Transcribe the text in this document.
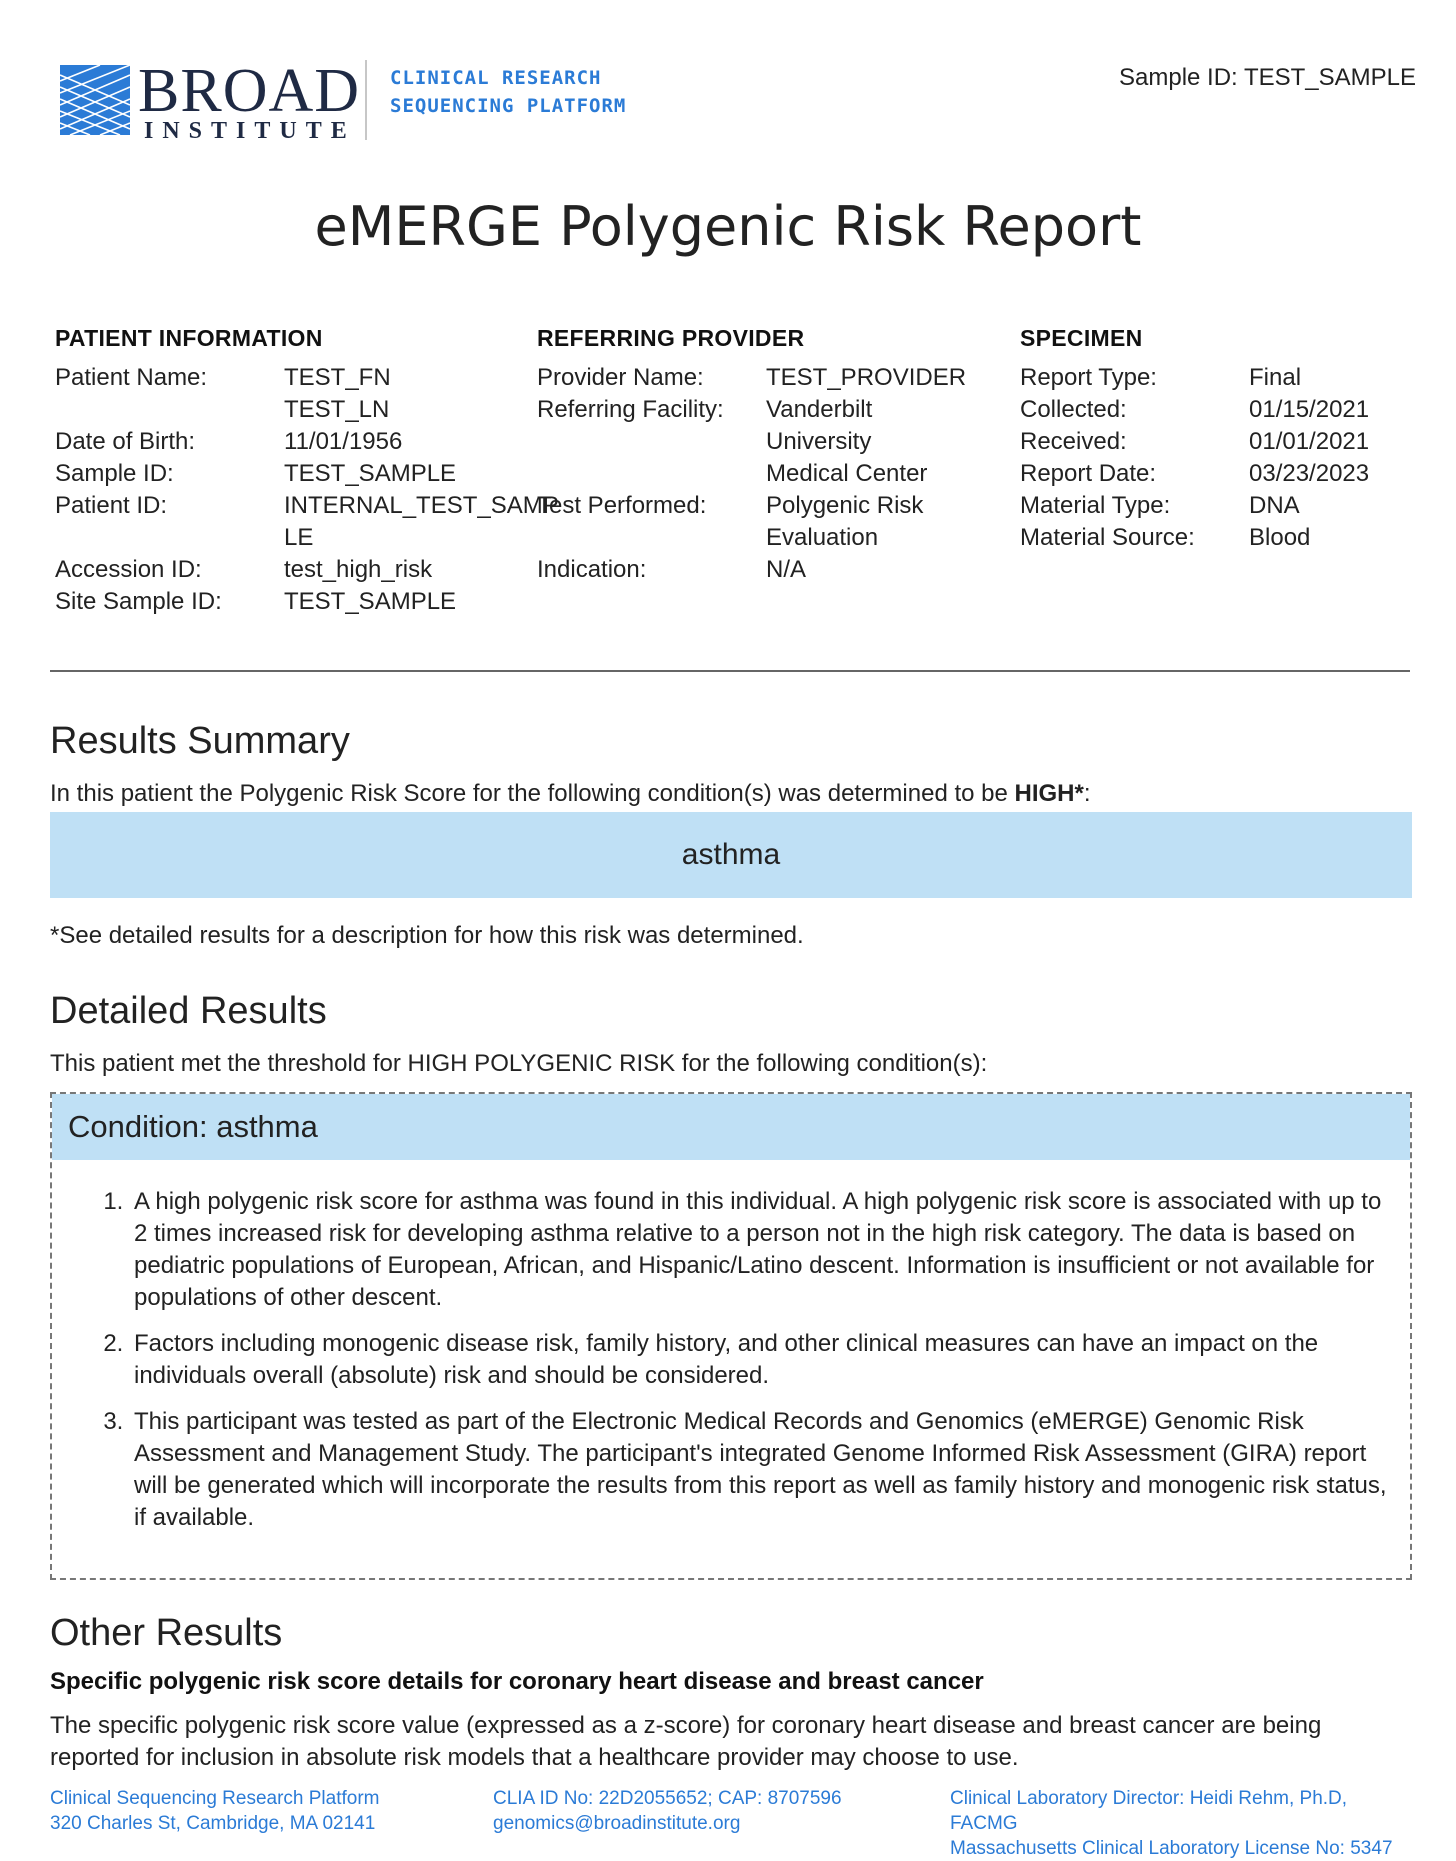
BROAD
INSTITUTE
CLINICAL RESEARCH
SEQUENCING PLATFORM
Sample ID: TEST_SAMPLE
eMERGE Polygenic Risk Report
PATIENT INFORMATION
Patient Name:	TEST_FN
TEST_LN
Date of Birth:	11/01/1956
Sample ID:	TEST_SAMPLE
Patient ID:	INTERNAL_TEST_SAMP
LE
Accession ID:	test_high_risk
Site Sample ID:	TEST_SAMPLE
REFERRING PROVIDER
Provider Name:	TEST_PROVIDER
Referring Facility:	Vanderbilt
University
Medical Center
Test Performed:	Polygenic Risk
Evaluation
Indication:	N/A
SPECIMEN
Report Type:	Final
Collected:	01/15/2021
Received:	01/01/2021
Report Date:	03/23/2023
Material Type:	DNA
Material Source:	Blood
Results Summary

In this patient the Polygenic Risk Score for the following condition(s) was determined to be HIGH*:

asthma

*See detailed results for a description for how this risk was determined.

Detailed Results

This patient met the threshold for HIGH POLYGENIC RISK for the following condition(s):

Condition: asthma
1. A high polygenic risk score for asthma was found in this individual. A high polygenic risk score is associated with up to 2 times increased risk for developing asthma relative to a person not in the high risk category. The data is based on pediatric populations of European, African, and Hispanic/Latino descent. Information is insufficient or not available for populations of other descent.
2. Factors including monogenic disease risk, family history, and other clinical measures can have an impact on the individuals overall (absolute) risk and should be considered.
3. This participant was tested as part of the Electronic Medical Records and Genomics (eMERGE) Genomic Risk Assessment and Management Study. The participant's integrated Genome Informed Risk Assessment (GIRA) report will be generated which will incorporate the results from this report as well as family history and monogenic risk status, if available.
Other Results

Specific polygenic risk score details for coronary heart disease and breast cancer

The specific polygenic risk score value (expressed as a z-score) for coronary heart disease and breast cancer are being reported for inclusion in absolute risk models that a healthcare provider may choose to use.

Clinical Sequencing Research Platform
320 Charles St, Cambridge, MA 02141
CLIA ID No: 22D2055652; CAP: 8707596
genomics@broadinstitute.org
Clinical Laboratory Director: Heidi Rehm, Ph.D, FACMG
Massachusetts Clinical Laboratory License No: 5347
